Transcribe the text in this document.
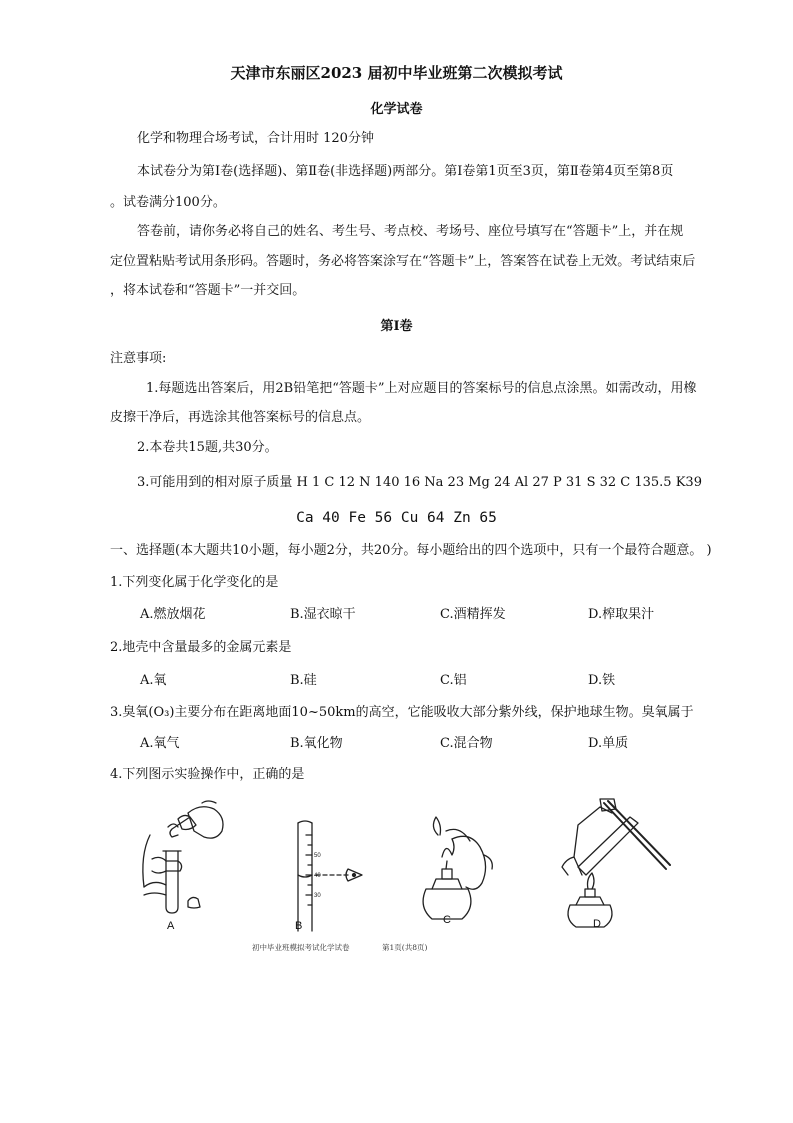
天津市东丽区2023 届初中毕业班第二次模拟考试
化学试卷
化学和物理合场考试，合计用时 120分钟
本试卷分为第Ⅰ卷(选择题)、第Ⅱ卷(非选择题)两部分。第Ⅰ卷第1页至3页，第Ⅱ卷第4页至第8页
。试卷满分100分。
答卷前，请你务必将自己的姓名、考生号、考点校、考场号、座位号填写在“答题卡”上，并在规
定位置粘贴考试用条形码。答题时，务必将答案涂写在“答题卡”上，答案答在试卷上无效。考试结束后
，将本试卷和“答题卡”一并交回。
第Ⅰ卷
注意事项:
1.每题选出答案后，用2B铅笔把“答题卡”上对应题目的答案标号的信息点涂黑。如需改动，用橡
皮擦干净后，再选涂其他答案标号的信息点。
2.本卷共15题,共30分。
3.可能用到的相对原子质量 H 1 C 12 N 140 16 Na 23 Mg 24 Al 27 P 31 S 32 C 135.5 K39
Ca 40 Fe 56 Cu 64 Zn 65
一、选择题(本大题共10小题，每小题2分，共20分。每小题给出的四个选项中，只有一个最符合题意。 )
1.下列变化属于化学变化的是
A.燃放烟花	B.湿衣晾干	C.酒精挥发	D.榨取果汁
2.地壳中含量最多的金属元素是
A.氧	B.硅	C.铝	D.铁
3.臭氧(O₃)主要分布在距离地面10~50km的高空，它能吸收大部分紫外线，保护地球生物。臭氧属于
A.氧气	B.氧化物	C.混合物	D.单质
4.下列图示实验操作中，正确的是
A	B	C	D
50
40
30
初中毕业班模拟考试化学试卷	第1页(共8页)
